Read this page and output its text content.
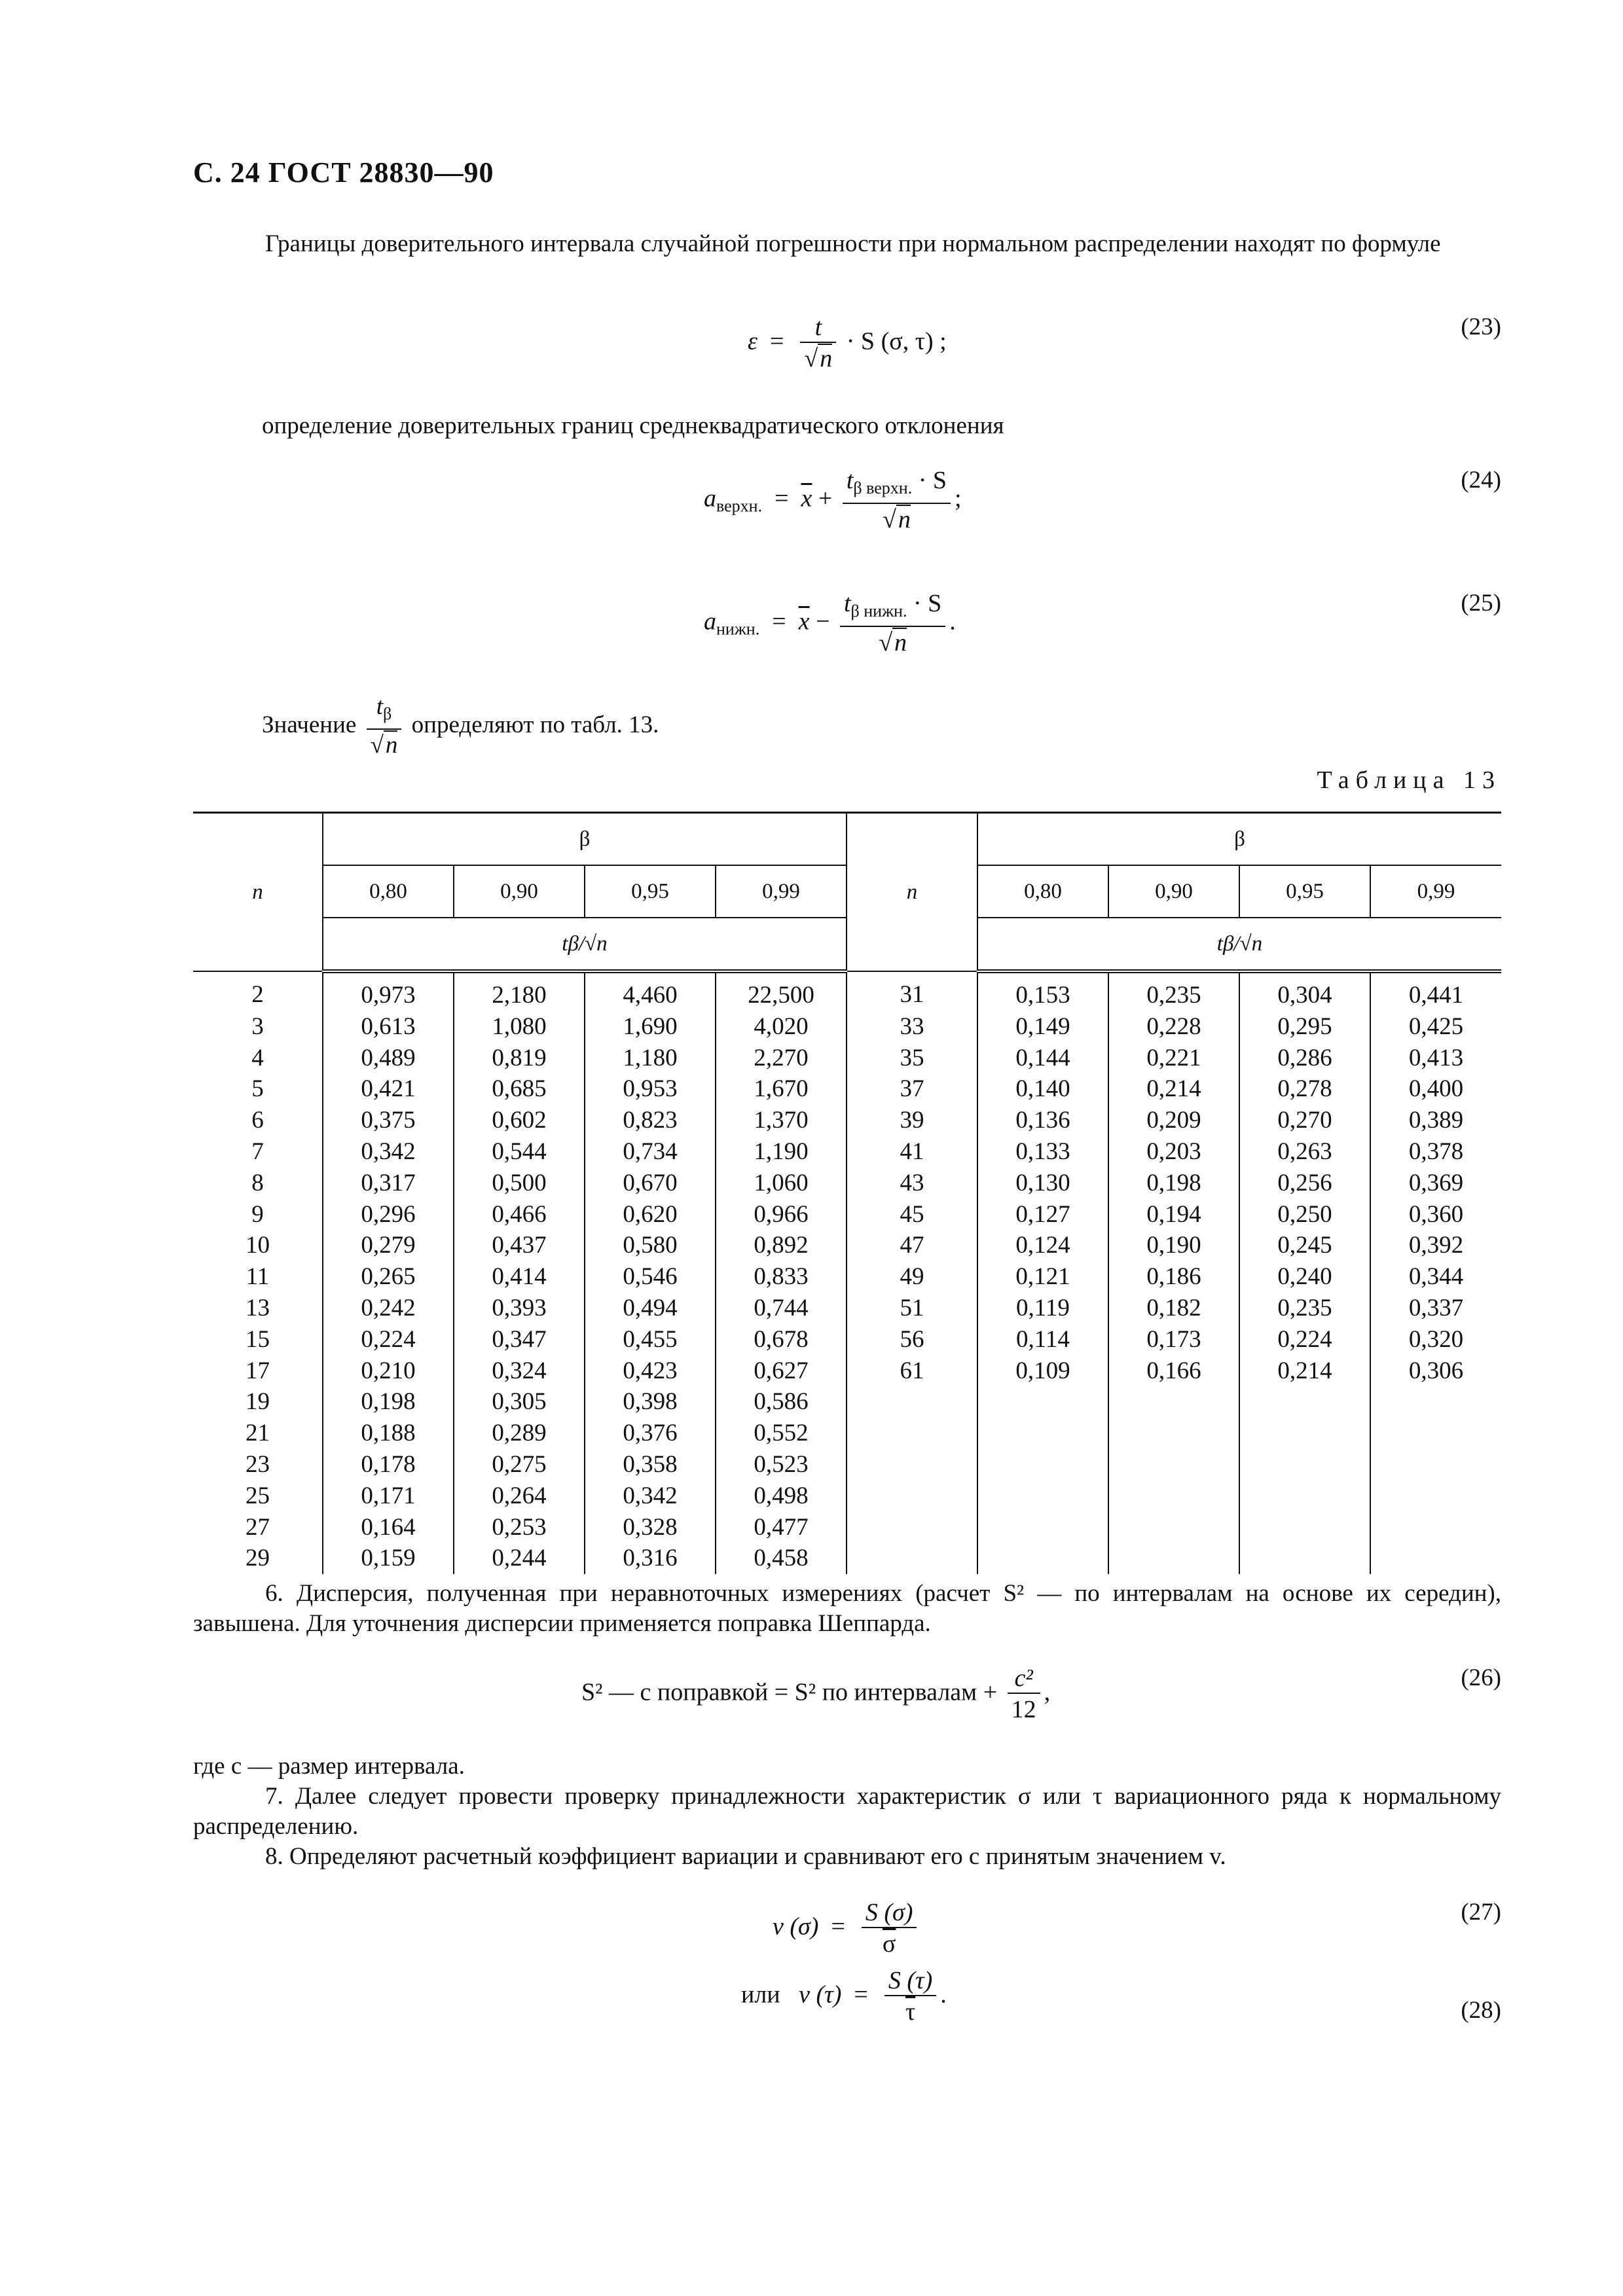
С. 24 ГОСТ 28830—90
Границы доверительного интервала случайной погрешности при нормальном распределении находят по формуле
$\varepsilon = \frac{t}{√n} \cdot S$ (σ, τ) ;
(23)
определение доверительных границ среднеквадратического отклонения
$a_{верхн.} = \overline{x} + \frac{t_{\beta верхн.} \cdot S}{√n}$ ;
(24)
$a_{нижн.} = \overline{x} - \frac{t_{\beta нижн.} \cdot S}{√n}$ .
(25)
Значение $\frac{t_\beta}{√n}$ определяют по табл. 13.
Таблица 13
n	β				n	β			
	0,80	0,90	0,95	0,99		0,80	0,90	0,95	0,99
	tβ/√n					tβ/√n			
2	0,973	2,180	4,460	22,500	31	0,153	0,235	0,304	0,441
3	0,613	1,080	1,690	4,020	33	0,149	0,228	0,295	0,425
4	0,489	0,819	1,180	2,270	35	0,144	0,221	0,286	0,413
5	0,421	0,685	0,953	1,670	37	0,140	0,214	0,278	0,400
6	0,375	0,602	0,823	1,370	39	0,136	0,209	0,270	0,389
7	0,342	0,544	0,734	1,190	41	0,133	0,203	0,263	0,378
8	0,317	0,500	0,670	1,060	43	0,130	0,198	0,256	0,369
9	0,296	0,466	0,620	0,966	45	0,127	0,194	0,250	0,360
10	0,279	0,437	0,580	0,892	47	0,124	0,190	0,245	0,392
11	0,265	0,414	0,546	0,833	49	0,121	0,186	0,240	0,344
13	0,242	0,393	0,494	0,744	51	0,119	0,182	0,235	0,337
15	0,224	0,347	0,455	0,678	56	0,114	0,173	0,224	0,320
17	0,210	0,324	0,423	0,627	61	0,109	0,166	0,214	0,306
19	0,198	0,305	0,398	0,586					
21	0,188	0,289	0,376	0,552					
23	0,178	0,275	0,358	0,523					
25	0,171	0,264	0,342	0,498					
27	0,164	0,253	0,328	0,477					
29	0,159	0,244	0,316	0,458					
6. Дисперсия, полученная при неравноточных измерениях (расчет S² — по интервалам на основе их середин), завышена. Для уточнения дисперсии применяется поправка Шеппарда.
S² — с поправкой = S² по интервалам + $\frac{\text{c²}}{12}$ ,
(26)
где c — размер интервала.
7. Далее следует провести проверку принадлежности характеристик σ или τ вариационного ряда к нормальному распределению.
8. Определяют расчетный коэффициент вариации и сравнивают его с принятым значением v.
v $(\sigma) = \frac{S (\sigma)}{\sigma}$	(27)
или v $(\tau) = \frac{S (\tau)}{\tau}$ .
(28)
